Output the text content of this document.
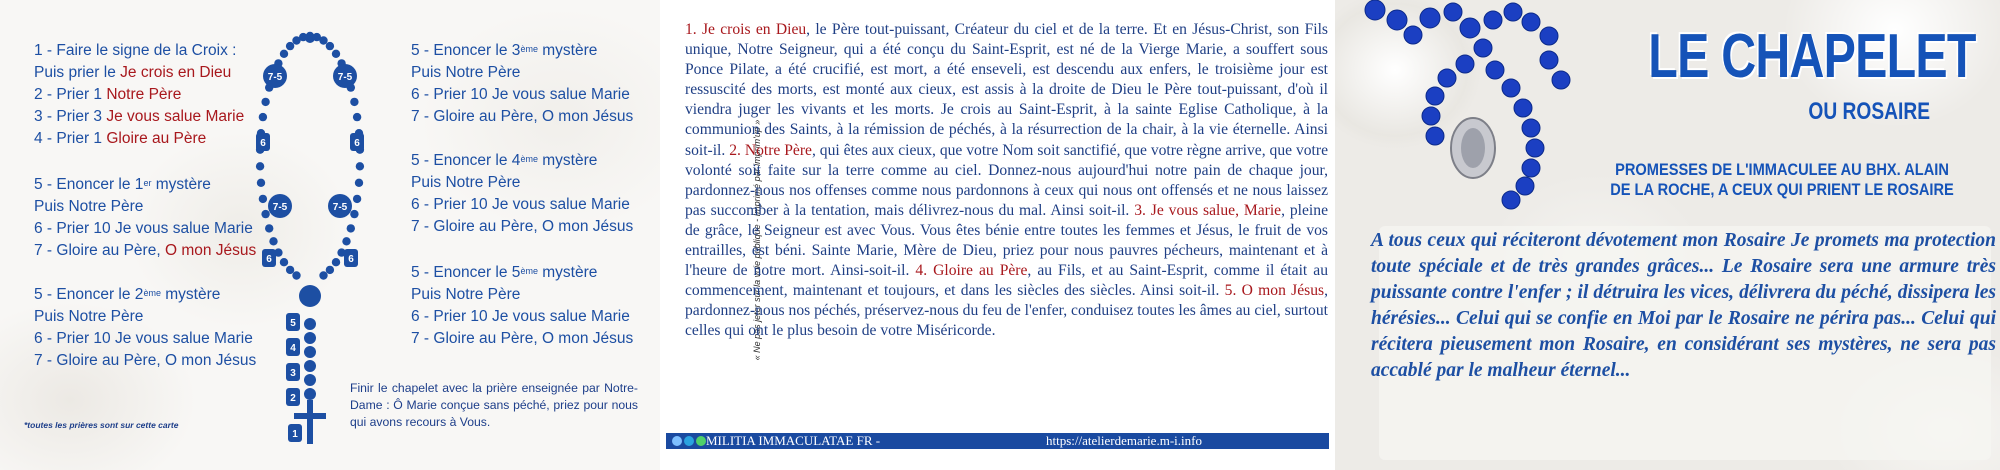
1 - Faire le signe de la Croix :
Puis prier le Je crois en Dieu
2 - Prier 1 Notre Père
3 - Prier 3 Je vous salue Marie
4 - Prier 1 Gloire au Père
5 - Enoncer le 1er mystère
Puis Notre Père
6 - Prier 10 Je vous salue Marie
7 - Gloire au Père, O mon Jésus
5 - Enoncer le 2ème mystère
Puis Notre Père
6 - Prier 10 Je vous salue Marie
7 - Gloire au Père, O mon Jésus
7-5	7-5
7-5	7-5
6	6
6	6
5
4
3
2
1
5 - Enoncer le 3ème mystère
Puis Notre Père
6 - Prier 10 Je vous salue Marie
7 - Gloire au Père, O mon Jésus
5 - Enoncer le 4ème mystère
Puis Notre Père
6 - Prier 10 Je vous salue Marie
7 - Gloire au Père, O mon Jésus
5 - Enoncer le 5ème mystère
Puis Notre Père
6 - Prier 10 Je vous salue Marie
7 - Gloire au Père, O mon Jésus
Finir le chapelet avec la prière enseignée par Notre-Dame : Ô Marie conçue sans péché, priez pour nous qui avons recours à Vous.
*toutes les prières sont sur cette carte
« Ne pas jeter sur la voie publique - Imprimé par imprim'up »
1. Je crois en Dieu, le Père tout-puissant, Créateur du ciel et de la terre. Et en Jésus-Christ, son Fils unique, Notre Seigneur, qui a été conçu du Saint-Esprit, est né de la Vierge Marie, a souffert sous Ponce Pilate, a été crucifié, est mort, a été enseveli, est descendu aux enfers, le troisième jour est ressuscité des morts, est monté aux cieux, est assis à la droite de Dieu le Père tout-puissant, d'où il viendra juger les vivants et les morts. Je crois au Saint-Esprit, à la sainte Eglise Catholique, à la communion des Saints, à la rémission de péchés, à la résurrection de la chair, à la vie éternelle. Ainsi soit-il. 2. Notre Père, qui êtes aux cieux, que votre Nom soit sanctifié, que votre règne arrive, que votre volonté soit faite sur la terre comme au ciel. Donnez-nous aujourd'hui notre pain de chaque jour, pardonnez-nous nos offenses comme nous pardonnons à ceux qui nous ont offensés et ne nous laissez pas succomber à la tentation, mais délivrez-nous du mal. Ainsi soit-il. 3. Je vous salue, Marie, pleine de grâce, le Seigneur est avec Vous. Vous êtes bénie entre toutes les femmes et Jésus, le fruit de vos entrailles, est béni. Sainte Marie, Mère de Dieu, priez pour nous pauvres pécheurs, maintenant et à l'heure de notre mort. Ainsi-soit-il. 4. Gloire au Père, au Fils, et au Saint-Esprit, comme il était au commencement, maintenant et toujours, et dans les siècles des siècles. Ainsi soit-il. 5. O mon Jésus, pardonnez-nous nos péchés, préservez-nous du feu de l'enfer, conduisez toutes les âmes au ciel, surtout celles qui ont le plus besoin de votre Miséricorde.
MILITIA IMMACULATAE FR -	https://atelierdemarie.m-i.info
LE CHAPELET
OU ROSAIRE
PROMESSES DE L'IMMACULEE AU BHX. ALAIN DE LA ROCHE, A CEUX QUI PRIENT LE ROSAIRE
A tous ceux qui réciteront dévotement mon Rosaire Je promets ma protection toute spéciale et de très grandes grâces... Le Rosaire sera une armure très puissante contre l'enfer ; il détruira les vices, délivrera du péché, dissipera les hérésies... Celui qui se confie en Moi par le Rosaire ne périra pas... Celui qui récitera pieusement mon Rosaire, en considérant ses mystères, ne sera pas accablé par le malheur éternel...
